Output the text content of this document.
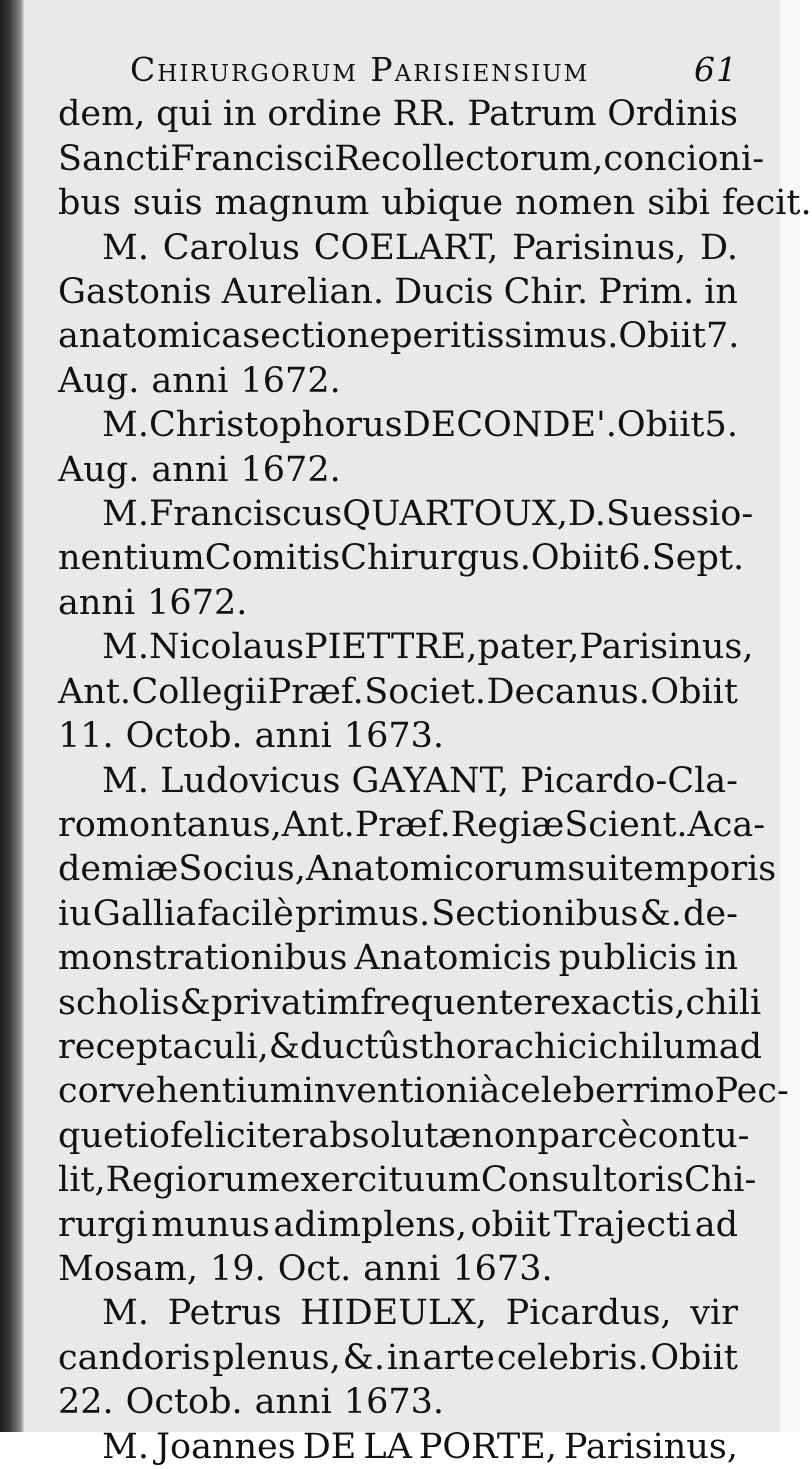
Chirurgorum Parisiensium	61
dem, qui in ordine RR. Patrum Ordinis
Sancti Francisci Recollectorum , concioni-
bus suis magnum ubique nomen sibi fecit.
M. Carolus COELART, Parisinus, D.
Gastonis Aurelian. Ducis Chir. Prim. in
anatomica sectione peritissimus. Obiit 7.
Aug. anni 1672.
M. Christophorus DE CONDE'. Obiit 5.
Aug. anni 1672.
M. Franciscus QUARTOUX, D. Suessio-
nentium Comitis Chirurgus. Obiit 6. Sept.
anni 1672.
M. Nicolaus PIETTRE, pater, Parisinus,
Ant. Collegii Præf. Societ. Decanus. Obiit
11. Octob. anni 1673.
M. Ludovicus GAYANT, Picardo-Cla-
romontanus, Ant. Præf. Regiæ Scient. Aca-
demiæ Socius, Anatomicorum sui temporis
iu Gallia facilè primus. Sectionibus &. de-
monstrationibus Anatomicis publicis in
scholis & privatim frequenter exactis, chili
receptaculi, & ductûs thorachici chilum ad
cor vehentium inventioni à celeberrimo Pec-
quetio feliciter absolutæ non parcè contu-
lit, Regiorum exercituum Consultoris Chi-
rurgi munus adimplens, obiit Trajecti ad
Mosam, 19. Oct. anni 1673.
M. Petrus HIDEULX, Picardus, vir
candoris plenus, &. in arte celebris. Obiit
22. Octob. anni 1673.
M. Joannes DE LA PORTE, Parisinus,
